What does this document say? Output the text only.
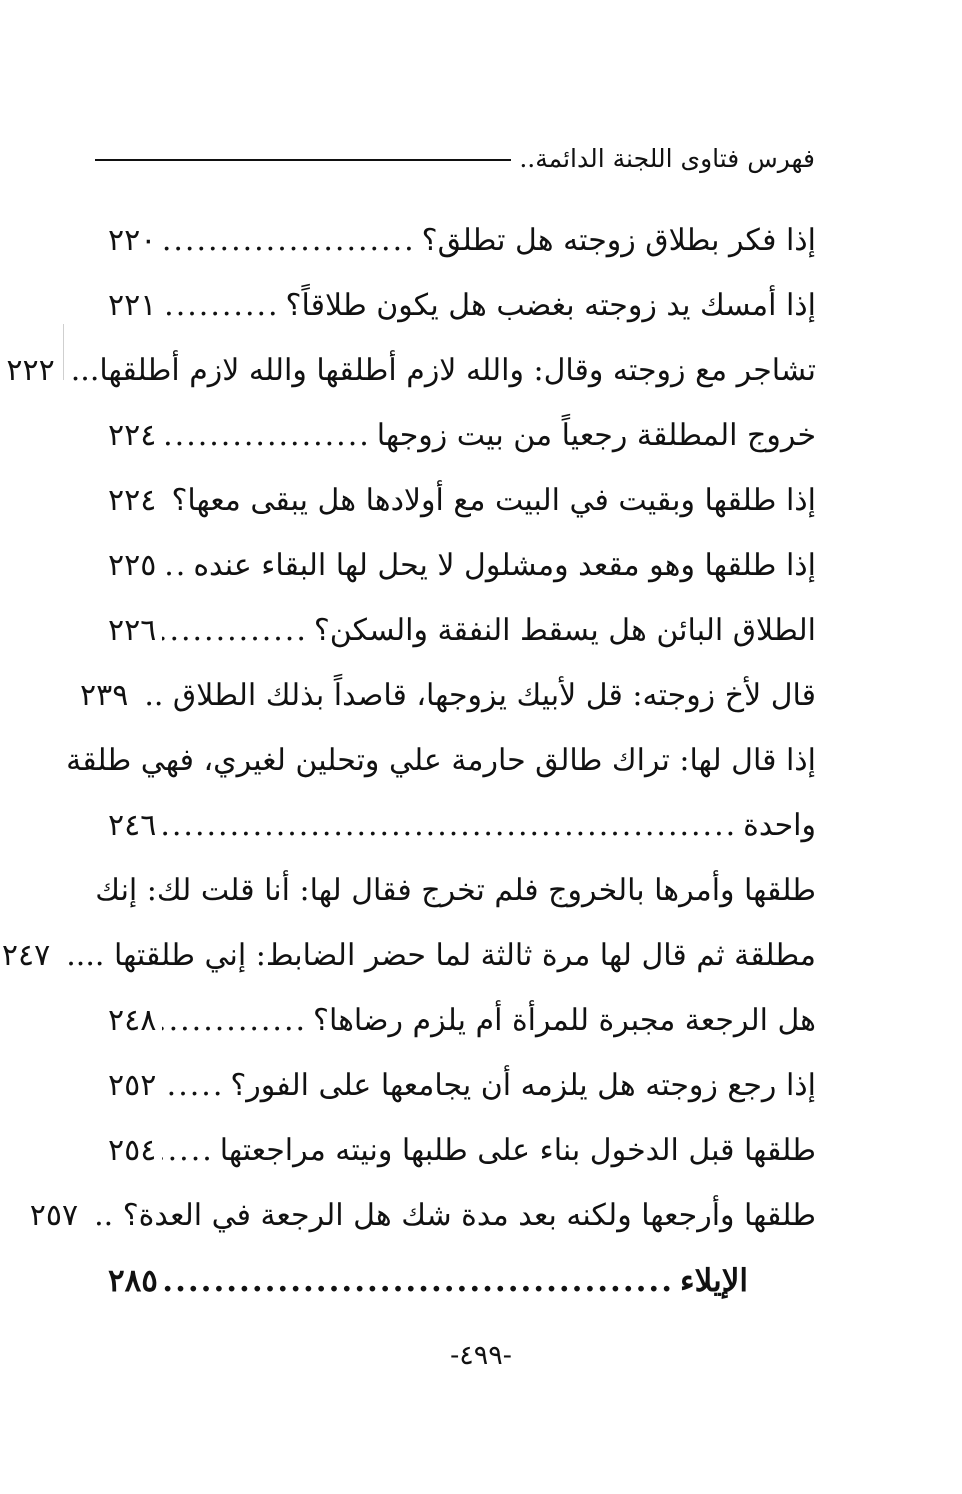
فهرس فتاوى اللجنة الدائمة..
إذا فكر بطلاق زوجته هل تطلق؟
.....
٢٢٠
إذا أمسك يد زوجته بغضب هل يكون طلاقاً؟
.....
٢٢١
تشاجر مع زوجته وقال: والله لازم أطلقها والله لازم أطلقها...
.....
٢٢٢
خروج المطلقة رجعياً من بيت زوجها
.....
٢٢٤
إذا طلقها وبقيت في البيت مع أولادها هل يبقى معها؟
.....
٢٢٤
إذا طلقها وهو مقعد ومشلول لا يحل لها البقاء عنده
.....
٢٢٥
الطلاق البائن هل يسقط النفقة والسكن؟
.....
٢٢٦
قال لأخ زوجته: قل لأبيك يزوجها، قاصداً بذلك الطلاق ..
.....
٢٣٩
إذا قال لها: تراك طالق حارمة علي وتحلين لغيري، فهي طلقة
واحدة
.....
٢٤٦
طلقها وأمرها بالخروج فلم تخرج فقال لها: أنا قلت لك: إنك
مطلقة ثم قال لها مرة ثالثة لما حضر الضابط: إني طلقتها ....
.....
٢٤٧
هل الرجعة مجبرة للمرأة أم يلزم رضاها؟
.....
٢٤٨
إذا رجع زوجته هل يلزمه أن يجامعها على الفور؟
.....
٢٥٢
طلقها قبل الدخول بناء على طلبها ونيته مراجعتها
.....
٢٥٤
طلقها وأرجعها ولكنه بعد مدة شك هل الرجعة في العدة؟ ..
.....
٢٥٧
الإيلاء
.....
٢٨٥
-٤٩٩-
